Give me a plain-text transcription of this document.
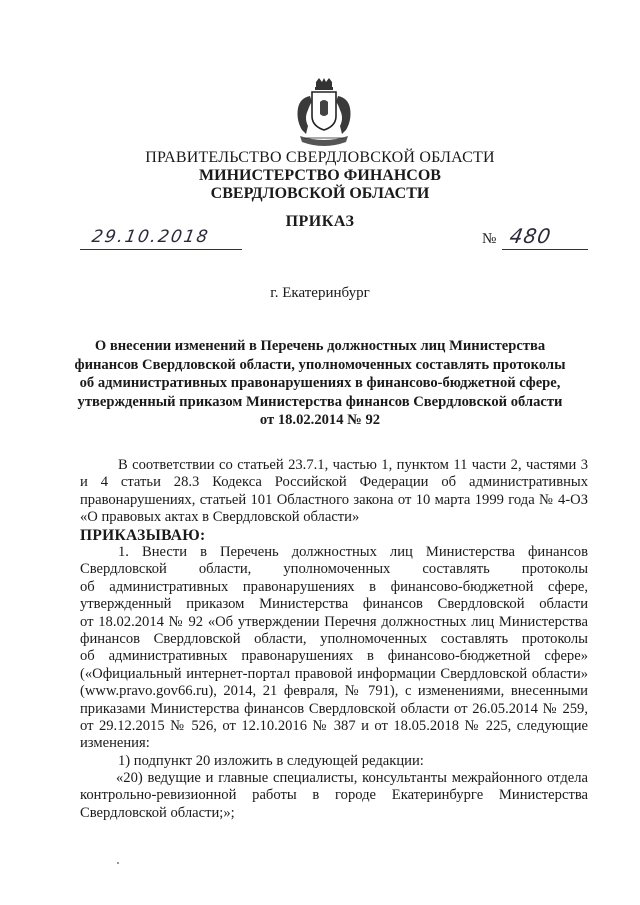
ПРАВИТЕЛЬСТВО СВЕРДЛОВСКОЙ ОБЛАСТИ
МИНИСТЕРСТВО ФИНАНСОВ
СВЕРДЛОВСКОЙ ОБЛАСТИ
ПРИКАЗ
29.10.2018	№ 480
г. Екатеринбург
О внесении изменений в Перечень должностных лиц Министерства
финансов Свердловской области, уполномоченных составлять протоколы
об административных правонарушениях в финансово-бюджетной сфере,
утвержденный приказом Министерства финансов Свердловской области
от 18.02.2014 № 92
В соответствии со статьей 23.7.1, частью 1, пунктом 11 части 2, частями 3
и 4 статьи 28.3 Кодекса Российской Федерации об административных
правонарушениях, статьей 101 Областного закона от 10 марта 1999 года № 4-ОЗ
«О правовых актах в Свердловской области»
ПРИКАЗЫВАЮ:
1. Внести в Перечень должностных лиц Министерства финансов
Свердловской области, уполномоченных составлять протоколы
об административных правонарушениях в финансово-бюджетной сфере,
утвержденный приказом Министерства финансов Свердловской области
от 18.02.2014 № 92 «Об утверждении Перечня должностных лиц Министерства
финансов Свердловской области, уполномоченных составлять протоколы
об административных правонарушениях в финансово-бюджетной сфере»
(«Официальный интернет-портал правовой информации Свердловской области»
(www.pravo.gov66.ru), 2014, 21 февраля, № 791), с изменениями, внесенными
приказами Министерства финансов Свердловской области от 26.05.2014 № 259,
от 29.12.2015 № 526, от 12.10.2016 № 387 и от 18.05.2018 № 225, следующие
изменения:
1) подпункт 20 изложить в следующей редакции:
«20) ведущие и главные специалисты, консультанты межрайонного отдела
контрольно-ревизионной работы в городе Екатеринбурге Министерства
Свердловской области;»;
